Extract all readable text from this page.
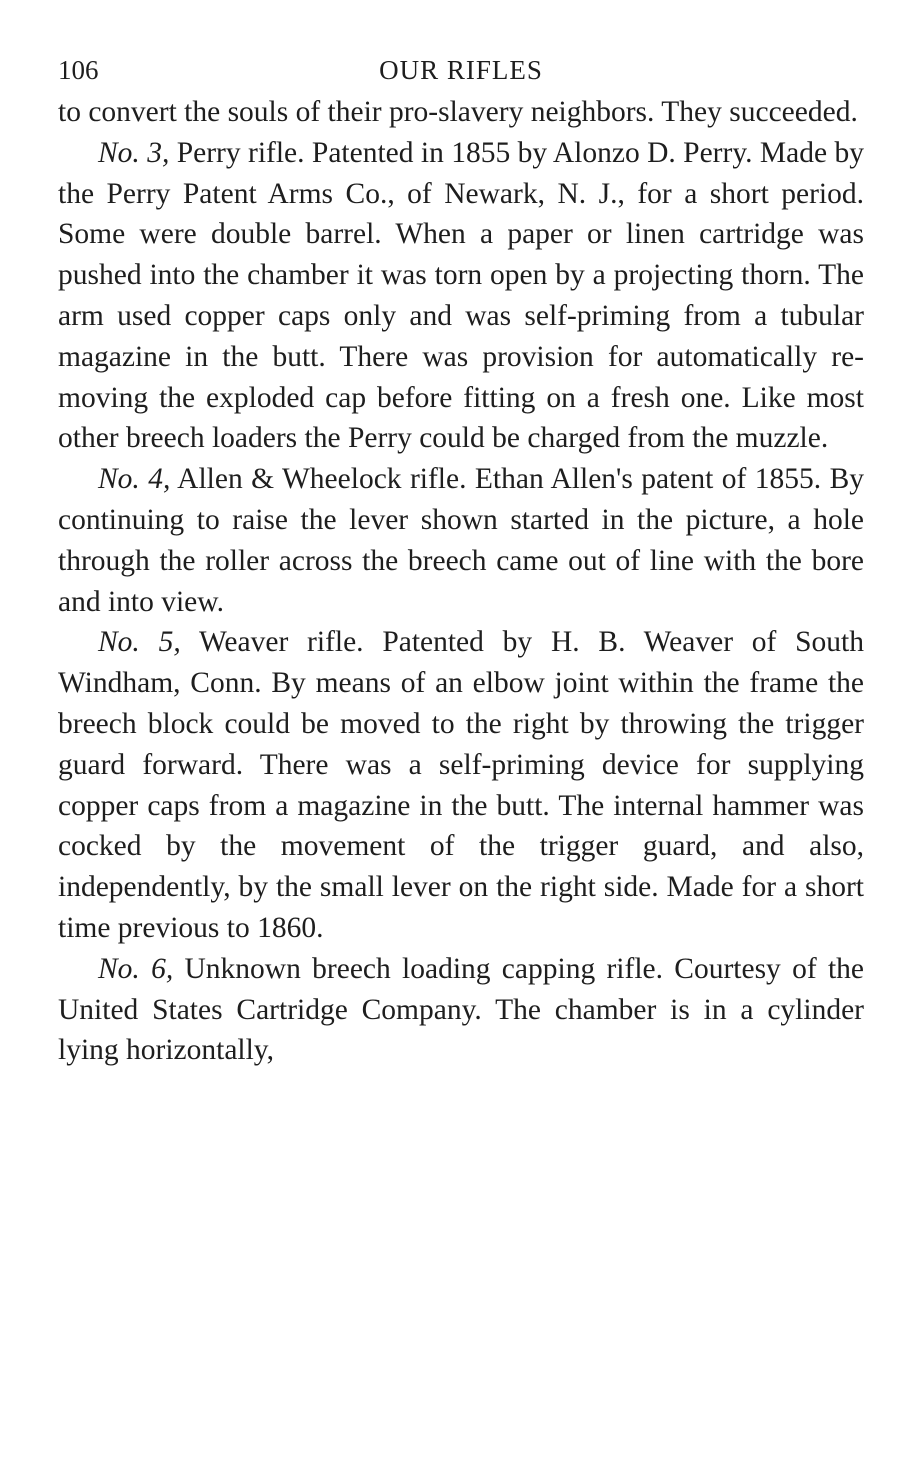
106	OUR RIFLES

to convert the souls of their pro-slavery neighbors. They succeeded.

No. 3, Perry rifle. Patented in 1855 by Alonzo D. Perry. Made by the Perry Patent Arms Co., of Newark, N. J., for a short period. Some were double barrel. When a paper or linen cartridge was pushed into the chamber it was torn open by a projecting thorn. The arm used copper caps only and was self-priming from a tubular magazine in the butt. There was provision for automatically removing the exploded cap before fitting on a fresh one. Like most other breech loaders the Perry could be charged from the muzzle.

No. 4, Allen & Wheelock rifle. Ethan Allen's patent of 1855. By continuing to raise the lever shown started in the picture, a hole through the roller across the breech came out of line with the bore and into view.

No. 5, Weaver rifle. Patented by H. B. Weaver of South Windham, Conn. By means of an elbow joint within the frame the breech block could be moved to the right by throwing the trigger guard forward. There was a self-priming device for supplying copper caps from a magazine in the butt. The internal hammer was cocked by the movement of the trigger guard, and also, independently, by the small lever on the right side. Made for a short time previous to 1860.

No. 6, Unknown breech loading capping rifle. Courtesy of the United States Cartridge Company. The chamber is in a cylinder lying horizontally,
